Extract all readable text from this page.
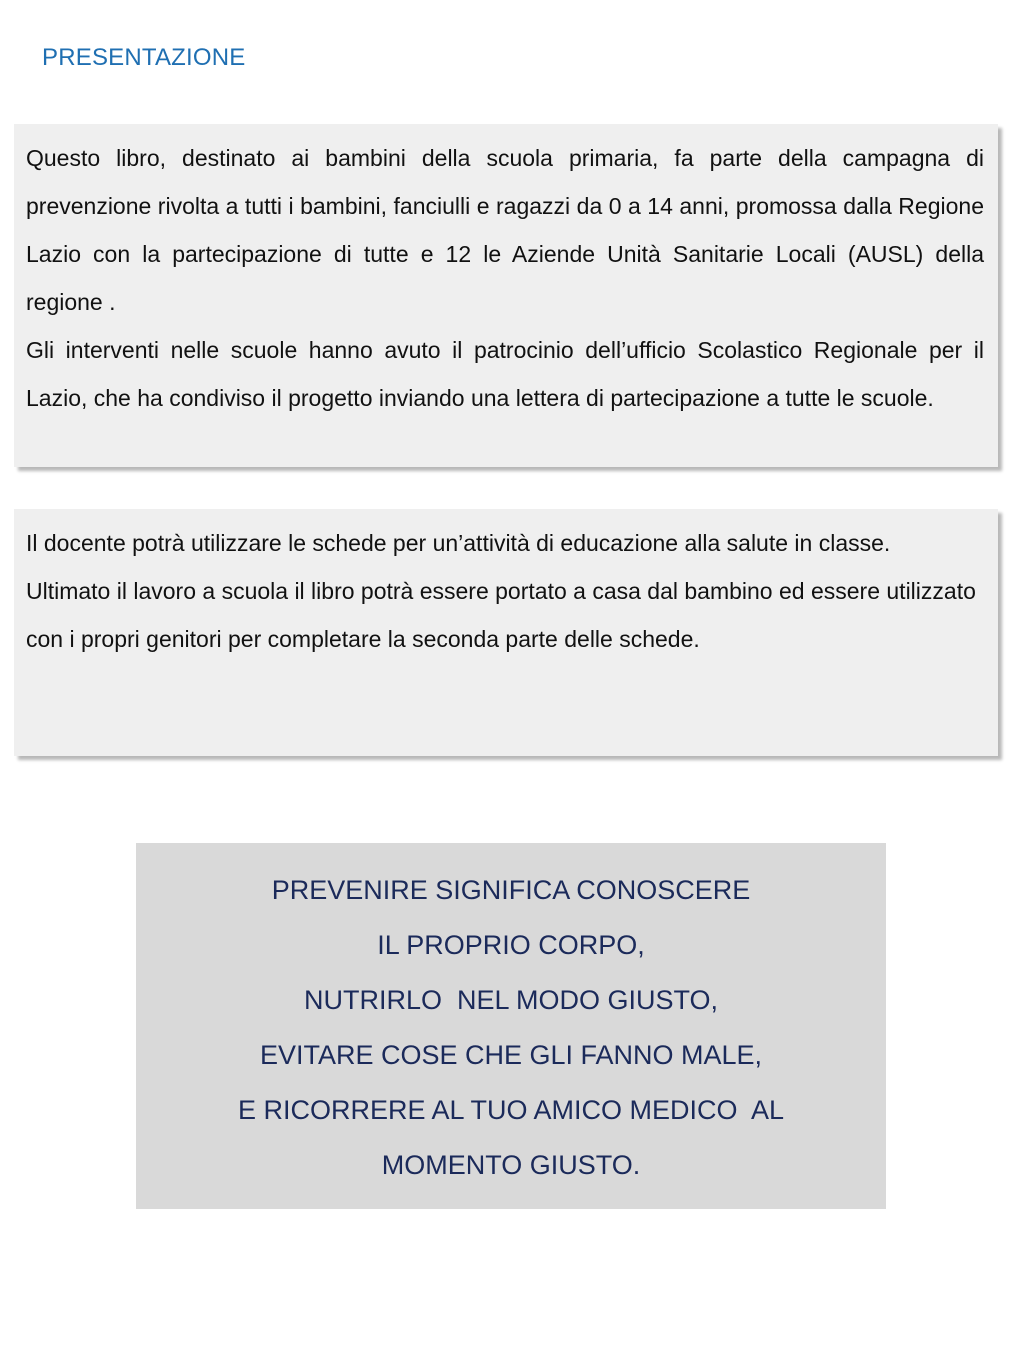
PRESENTAZIONE

Questo libro, destinato ai bambini della scuola primaria, fa parte della campagna di prevenzione rivolta a tutti i bambini, fanciulli e ragazzi da 0 a 14 anni, promossa dalla Regione Lazio con la partecipazione di tutte e 12 le Aziende Unità Sanitarie Locali (AUSL) della regione .

Gli interventi nelle scuole hanno avuto il patrocinio dell’ufficio Scolastico Regionale per il Lazio, che ha condiviso il progetto inviando una lettera di partecipazione a tutte le scuole.

Il docente potrà utilizzare le schede per un’attività di educazione alla salute in classe.

Ultimato il lavoro a scuola il libro potrà essere portato a casa dal bambino ed essere utilizzato con i propri genitori per completare la seconda parte delle schede.

PREVENIRE SIGNIFICA CONOSCERE
IL PROPRIO CORPO,
NUTRIRLO  NEL MODO GIUSTO,
EVITARE COSE CHE GLI FANNO MALE,
E RICORRERE AL TUO AMICO MEDICO  AL
MOMENTO GIUSTO.
